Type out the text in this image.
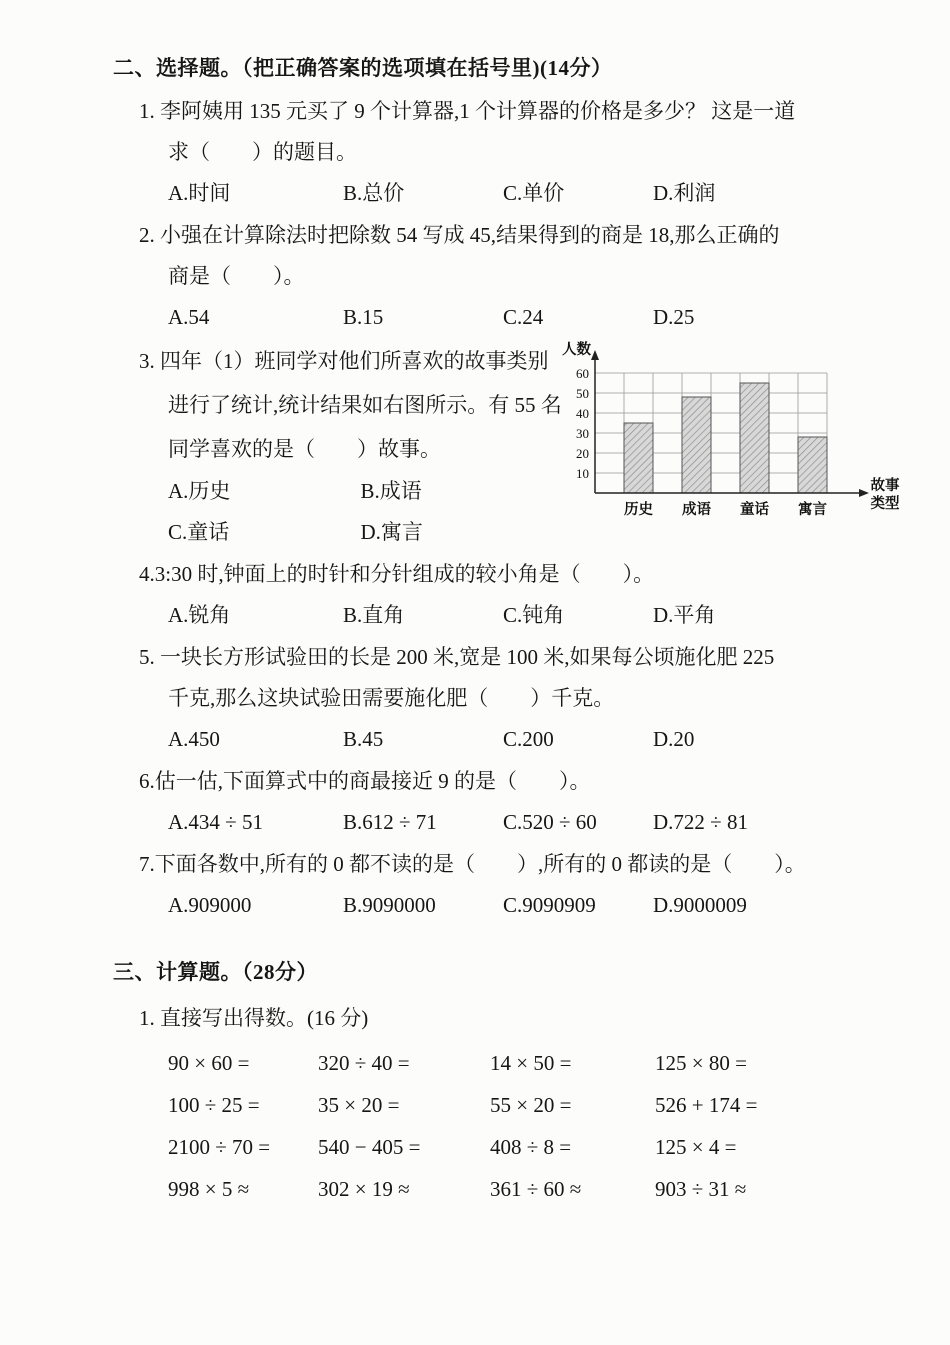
二、选择题。（把正确答案的选项填在括号里)(14分）
1. 李阿姨用 135 元买了 9 个计算器,1 个计算器的价格是多少？ 这是一道
求（　　）的题目。
A.时间	B.总价	C.单价	D.利润
2. 小强在计算除法时把除数 54 写成 45,结果得到的商是 18,那么正确的
商是（　　）。
A.54	B.15	C.24	D.25
3. 四年（1）班同学对他们所喜欢的故事类别
进行了统计,统计结果如右图所示。有 55 名
同学喜欢的是（　　）故事。
A.历史	B.成语
C.童话	D.寓言
10
20
30
40
50
60
人数
历史 成语 童话 寓言
故事
类型
4.3:30 时,钟面上的时针和分针组成的较小角是（　　）。
A.锐角	B.直角	C.钝角	D.平角
5. 一块长方形试验田的长是 200 米,宽是 100 米,如果每公顷施化肥 225
千克,那么这块试验田需要施化肥（　　）千克。
A.450	B.45	C.200	D.20
6.估一估,下面算式中的商最接近 9 的是（　　）。
A.434 ÷ 51	B.612 ÷ 71	C.520 ÷ 60	D.722 ÷ 81
7.下面各数中,所有的 0 都不读的是（　　）,所有的 0 都读的是（　　）。
A.909000	B.9090000	C.9090909	D.9000009
三、计算题。（28分）
1. 直接写出得数。(16 分)
90 × 60 =	320 ÷ 40 =	14 × 50 =	125 × 80 =
100 ÷ 25 =	35 × 20 =	55 × 20 =	526 + 174 =
2100 ÷ 70 =	540 − 405 =	408 ÷ 8 =	125 × 4 =
998 × 5 ≈	302 × 19 ≈	361 ÷ 60 ≈	903 ÷ 31 ≈
